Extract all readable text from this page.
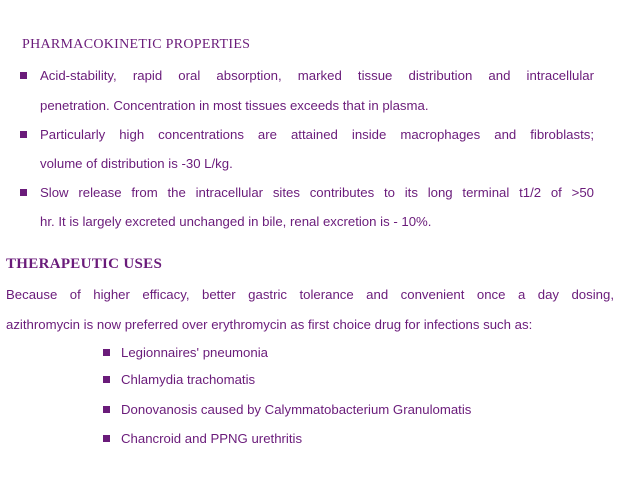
PHARMACOKINETIC PROPERTIES
Acid-stability, rapid oral absorption, marked tissue distribution and intracellular
penetration. Concentration in most tissues exceeds that in plasma.
Particularly high concentrations are attained inside macrophages and fibroblasts;
volume of distribution is -30 L/kg.
Slow release from the intracellular sites contributes to its long terminal t1/2 of >50
hr. It is largely excreted unchanged in bile, renal excretion is - 10%.
THERAPEUTIC USES
Because of higher efficacy, better gastric tolerance and convenient once a day dosing,
azithromycin is now preferred over erythromycin as first choice drug for infections such as:
Legionnaires' pneumonia
Chlamydia trachomatis
Donovanosis caused by Calymmatobacterium Granulomatis
Chancroid and PPNG urethritis
